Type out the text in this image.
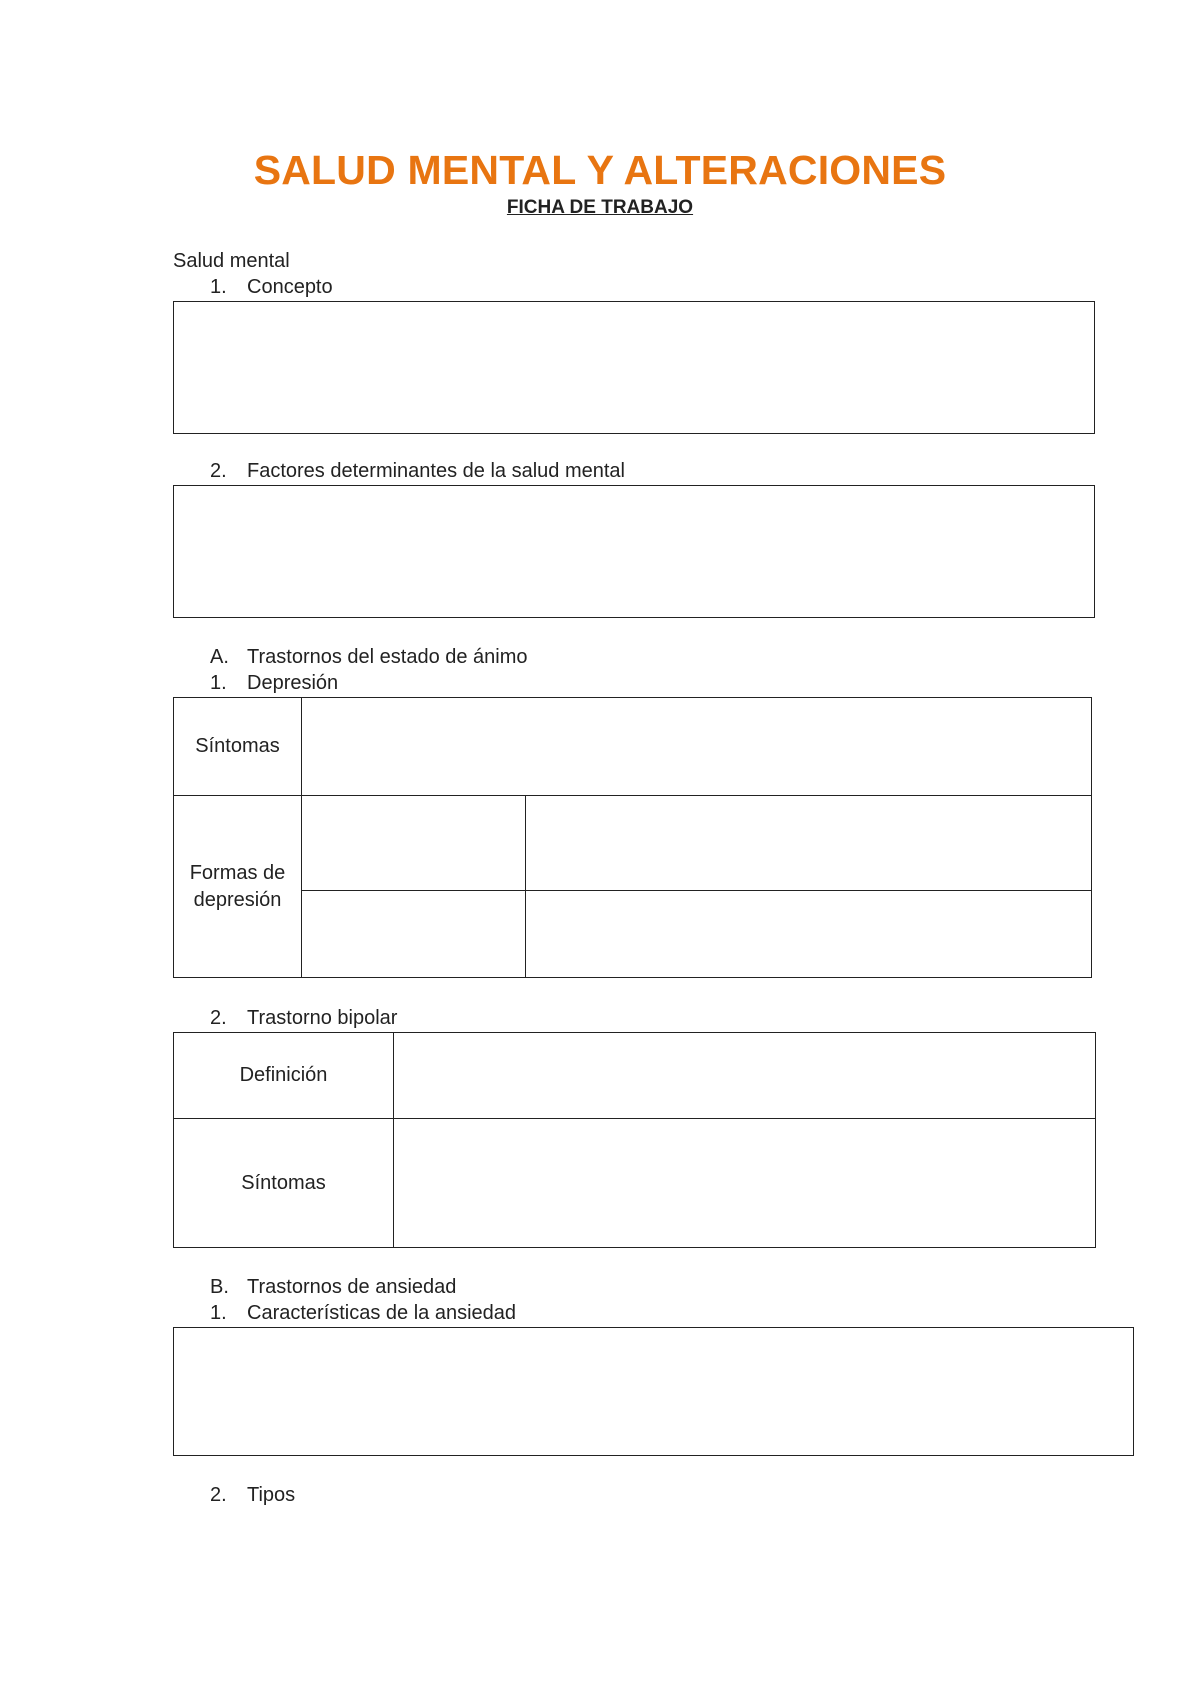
SALUD MENTAL Y ALTERACIONES
FICHA DE TRABAJO
Salud mental
1. Concepto
2. Factores determinantes de la salud mental
A. Trastornos del estado de ánimo
1. Depresión
Síntomas		
Formas de
depresión		

2. Trastorno bipolar
Definición	
Síntomas	
B. Trastornos de ansiedad
1. Características de la ansiedad
2. Tipos
